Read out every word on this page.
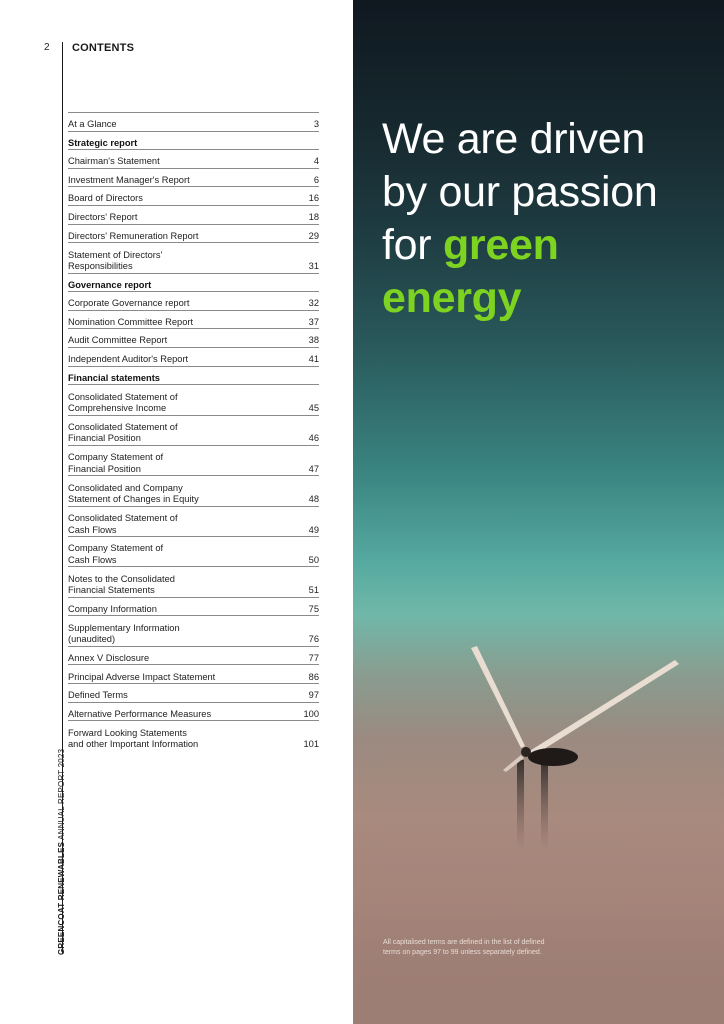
2 CONTENTS
At a Glance	3
Strategic report
Chairman's Statement	4
Investment Manager's Report	6
Board of Directors	16
Directors' Report	18
Directors' Remuneration Report	29
Statement of Directors'
Responsibilities	31
Governance report
Corporate Governance report	32
Nomination Committee Report	37
Audit Committee Report	38
Independent Auditor's Report	41
Financial statements
Consolidated Statement of
Comprehensive Income	45
Consolidated Statement of
Financial Position	46
Company Statement of
Financial Position	47
Consolidated and Company
Statement of Changes in Equity	48
Consolidated Statement of
Cash Flows	49
Company Statement of
Cash Flows	50
Notes to the Consolidated
Financial Statements	51
Company Information	75
Supplementary Information
(unaudited)	76
Annex V Disclosure	77
Principal Adverse Impact Statement	86
Defined Terms	97
Alternative Performance Measures	100
Forward Looking Statements
and other Important Information	101
GREENCOAT RENEWABLES ANNUAL REPORT 2023
We are driven
by our passion
for green
energy
All capitalised terms are defined in the list of defined terms on pages 97 to 99 unless separately defined.
